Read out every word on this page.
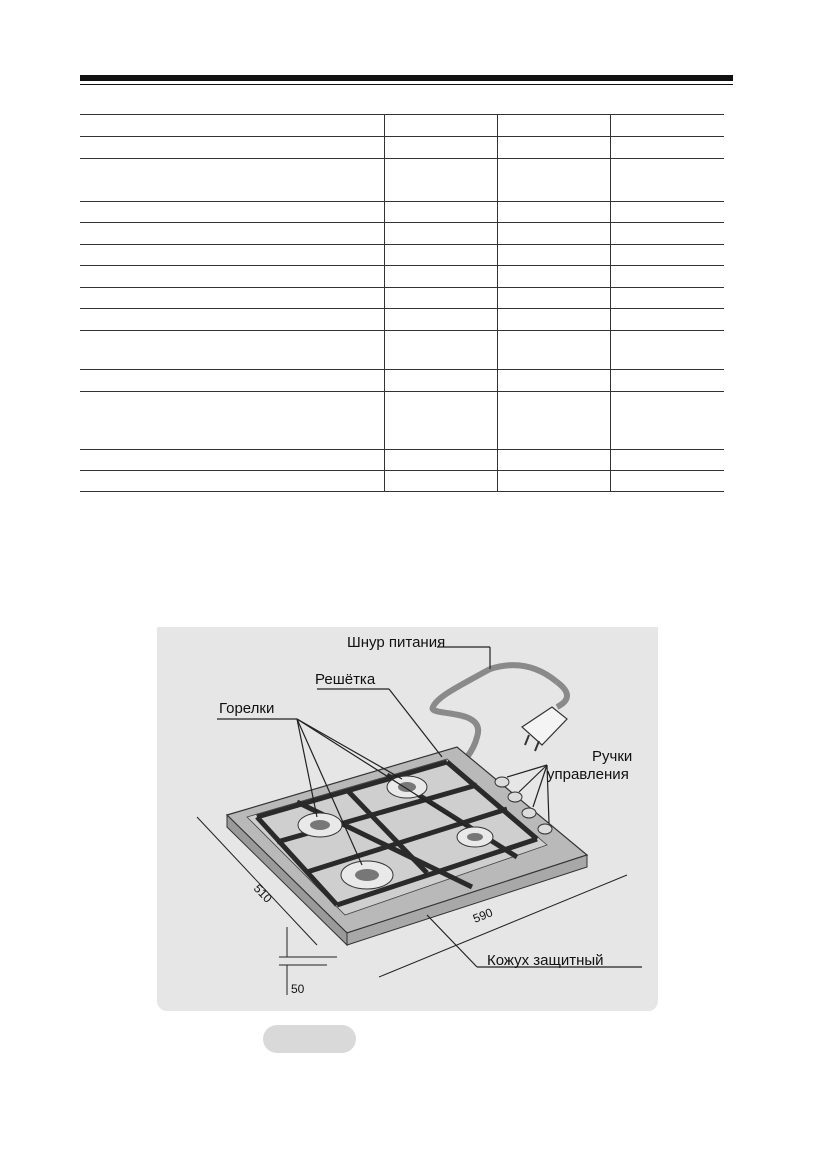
Шнур питания
Решётка
Горелки
Ручки
управления
Кожух защитный
510
590
50
